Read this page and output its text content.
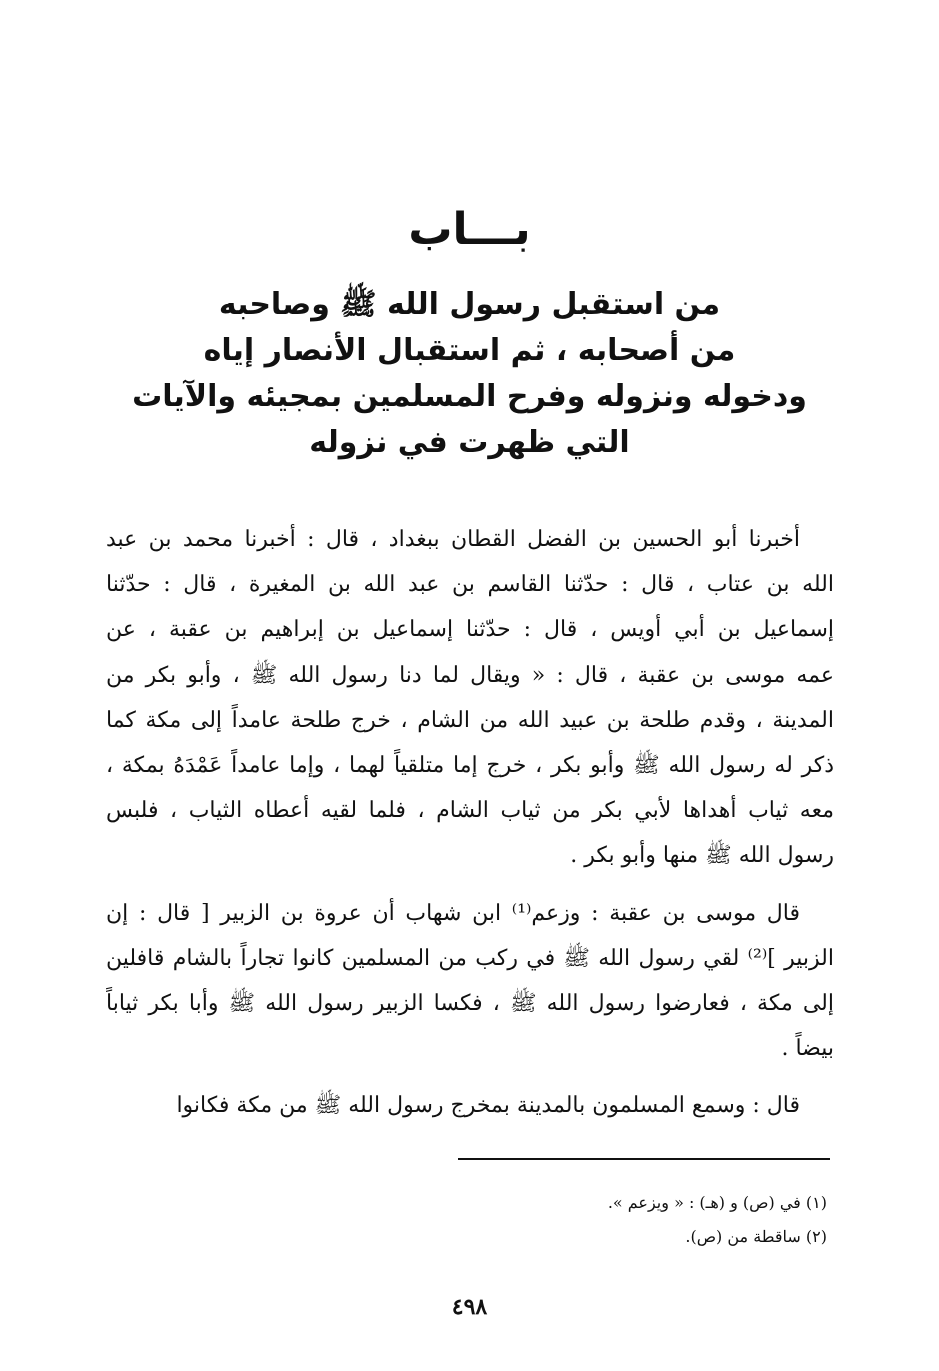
بـــاب
من استقبل رسول الله ﷺ وصاحبه
من أصحابه ، ثم استقبال الأنصار إياه
ودخوله ونزوله وفرح المسلمين بمجيئه والآيات
التي ظهرت في نزوله
أخبرنا أبو الحسين بن الفضل القطان ببغداد ، قال : أخبرنا محمد بن عبد
الله بن عتاب ، قال : حدّثنا القاسم بن عبد الله بن المغيرة ، قال : حدّثنا
إسماعيل بن أبي أويس ، قال : حدّثنا إسماعيل بن إبراهيم بن عقبة ، عن
عمه موسى بن عقبة ، قال : « ويقال لما دنا رسول الله ﷺ ، وأبو بكر من
المدينة ، وقدم طلحة بن عبيد الله من الشام ، خرج طلحة عامداً إلى مكة كما
ذكر له رسول الله ﷺ وأبو بكر ، خرج إما متلقياً لهما ، وإما عامداً عَمْدَهُ بمكة ،
معه ثياب أهداها لأبي بكر من ثياب الشام ، فلما لقيه أعطاه الثياب ، فلبس
رسول الله ﷺ منها وأبو بكر .
قال موسى بن عقبة : وزعم⁽¹⁾ ابن شهاب أن عروة بن الزبير [ قال : إن
الزبير ]⁽²⁾ لقي رسول الله ﷺ في ركب من المسلمين كانوا تجاراً بالشام قافلين
إلى مكة ، فعارضوا رسول الله ﷺ ، فكسا الزبير رسول الله ﷺ وأبا بكر ثياباً
بيضاً .
قال : وسمع المسلمون بالمدينة بمخرج رسول الله ﷺ من مكة فكانوا
(١) في (ص) و (هـ) : « ويزعم ».
(٢) ساقطة من (ص).
٤٩٨
